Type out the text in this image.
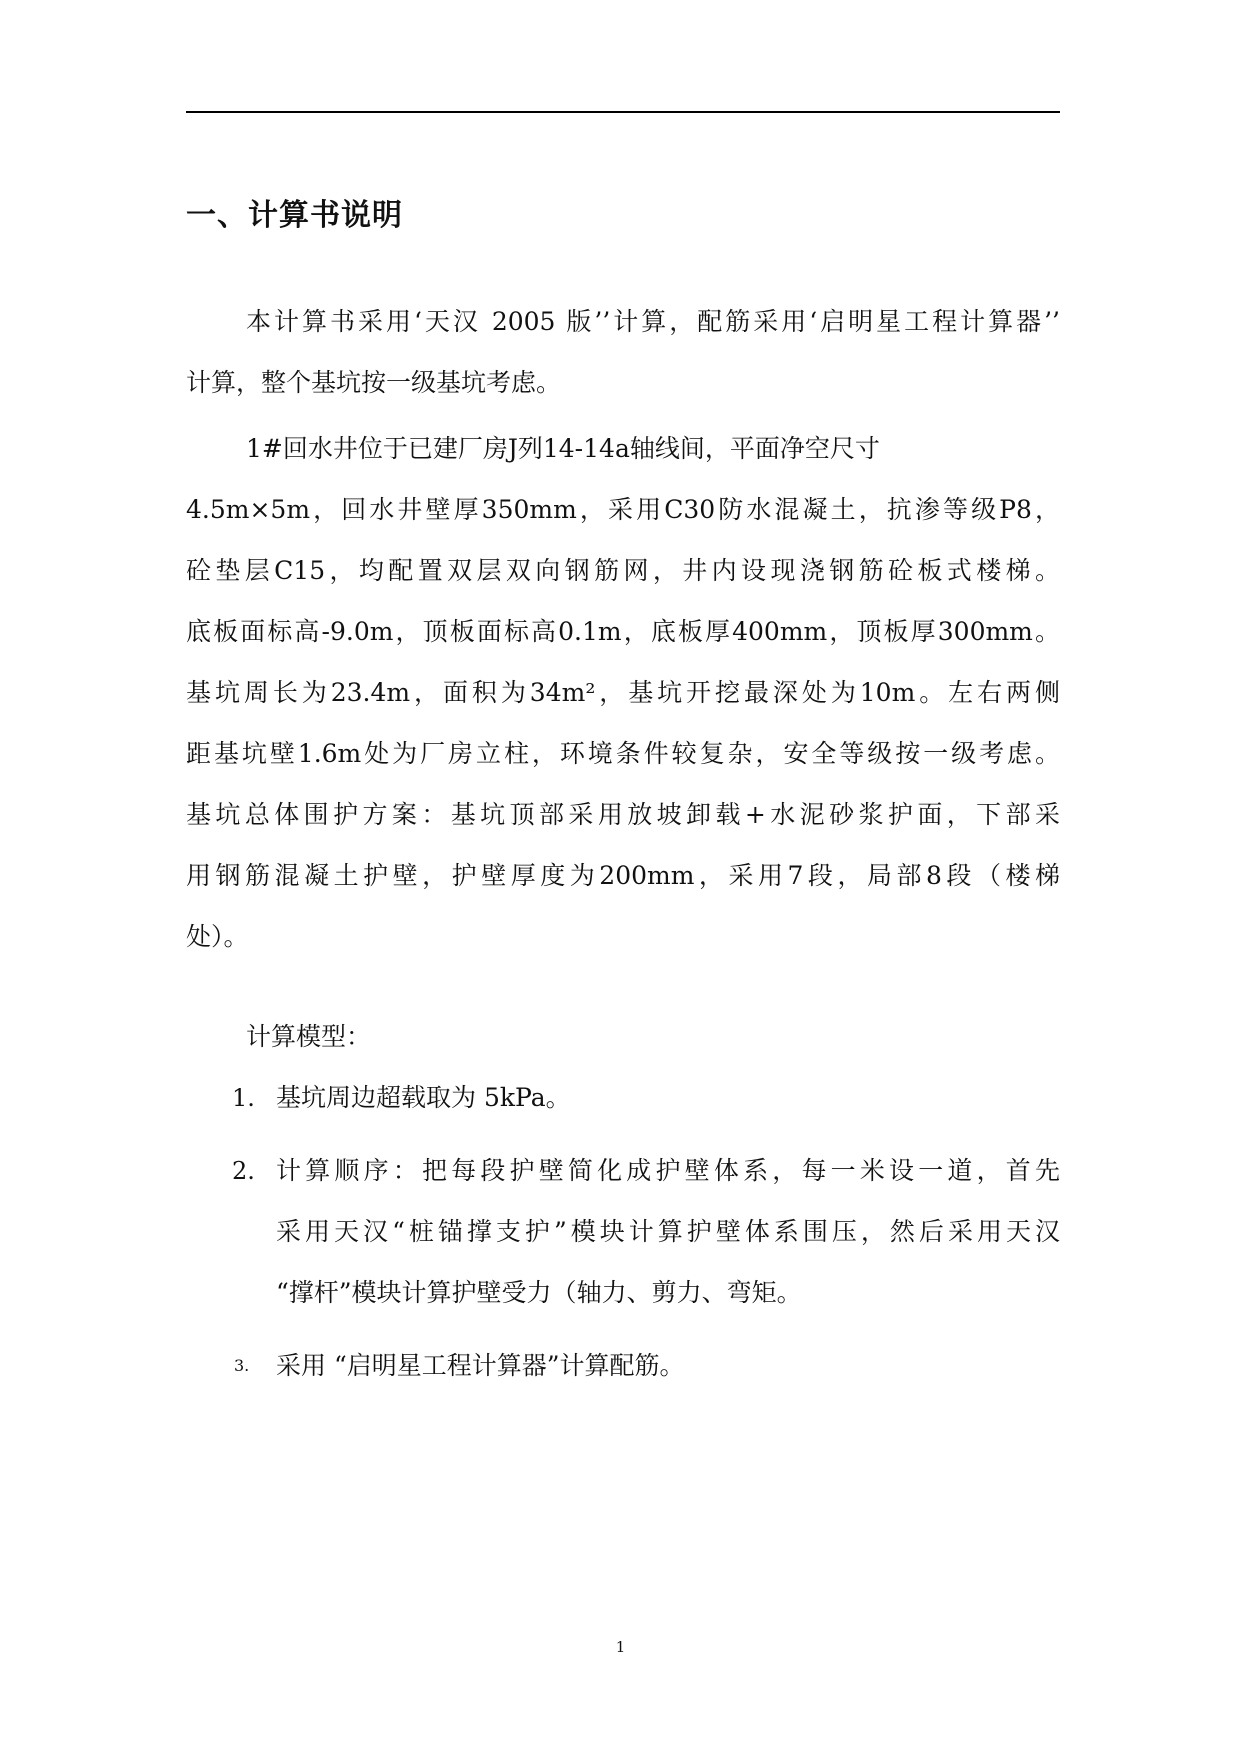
一、计算书说明
本计算书采用‘天汉 2005 版’’计算，配筋采用‘启明星工程计算器’’
计算，整个基坑按一级基坑考虑。
1#回水井位于已建厂房J列14-14a轴线间，平面净空尺寸
4.5m×5m，回水井壁厚350mm，采用C30防水混凝土，抗渗等级P8，
砼垫层C15，均配置双层双向钢筋网，井内设现浇钢筋砼板式楼梯。
底板面标高-9.0m，顶板面标高0.1m，底板厚400mm，顶板厚300mm。
基坑周长为23.4m，面积为34m²，基坑开挖最深处为10m。左右两侧
距基坑壁1.6m处为厂房立柱，环境条件较复杂，安全等级按一级考虑。
基坑总体围护方案：基坑顶部采用放坡卸载+水泥砂浆护面，下部采
用钢筋混凝土护壁，护壁厚度为200mm，采用7段，局部8段（楼梯
处）。
计算模型：
1. 基坑周边超载取为 5kPa。
2. 计算顺序：把每段护壁简化成护壁体系，每一米设一道，首先
采用天汉“桩锚撑支护”模块计算护壁体系围压，然后采用天汉
“撑杆”模块计算护壁受力（轴力、剪力、弯矩。
3. 采用 “启明星工程计算器”计算配筋。
1
